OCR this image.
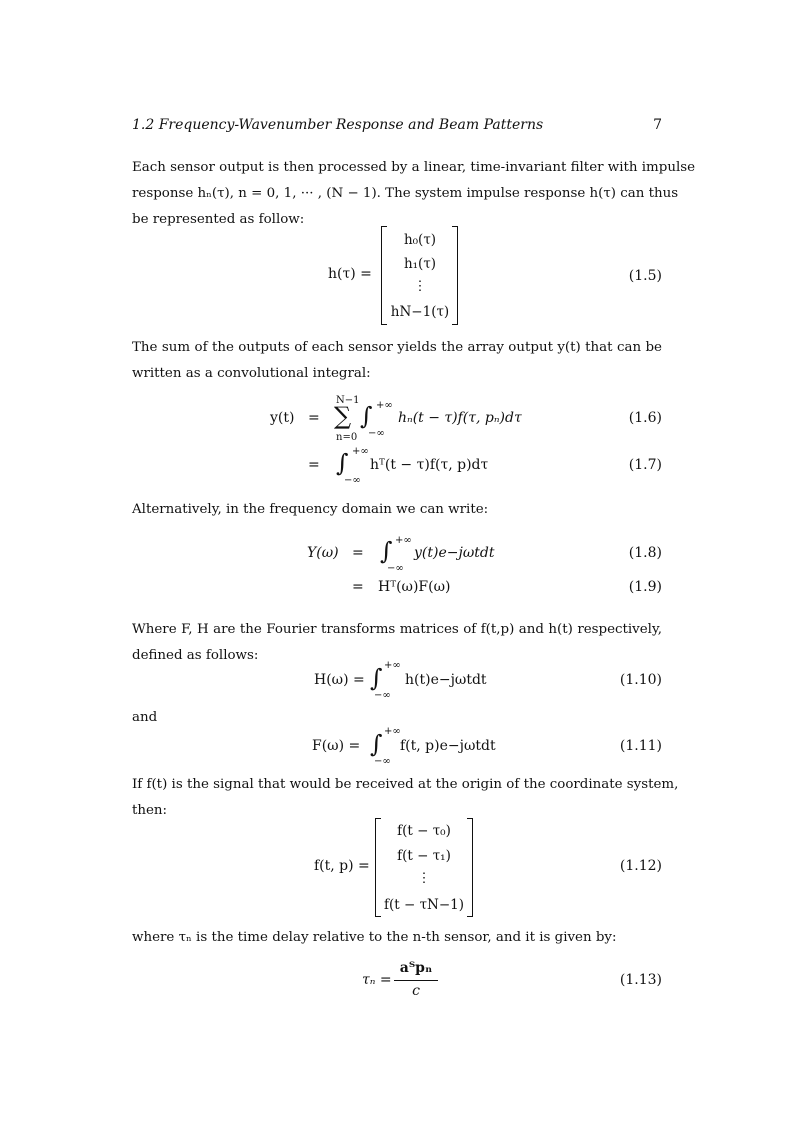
1.2 Frequency-Wavenumber Response and Beam Patterns	7
Each sensor output is then processed by a linear, time-invariant filter with impulse
response hₙ(τ), n = 0, 1, ··· , (N − 1). The system impulse response h(τ) can thus
be represented as follow:
h(τ) =
h₀(τ)
h₁(τ)
⋮
hN−1(τ)
(1.5)
The sum of the outputs of each sensor yields the array output y(t) that can be
written as a convolutional integral:
y(t) =
N−1
∑
n=0
∫ +∞
−∞
hₙ(t − τ)f(τ, pₙ)dτ	(1.6)
= ∫ +∞
−∞
hᵀ(t − τ)f(τ, p)dτ	(1.7)
Alternatively, in the frequency domain we can write:
Y(ω) = ∫ +∞
−∞
y(t)e−jωtdt	(1.8)
= Hᵀ(ω)F(ω)	(1.9)
Where F, H are the Fourier transforms matrices of f(t,p) and h(t) respectively,
defined as follows:
H(ω) = ∫ +∞
−∞
h(t)e−jωtdt	(1.10)
and
F(ω) = ∫ +∞
−∞
f(t, p)e−jωtdt	(1.11)
If f(t) is the signal that would be received at the origin of the coordinate system,
then:
f(t, p) =
f(t − τ₀)
f(t − τ₁)
⋮
f(t − τN−1)
(1.12)
where τₙ is the time delay relative to the n-th sensor, and it is given by:
τₙ =
aᵀpₙ
c
(1.13)
